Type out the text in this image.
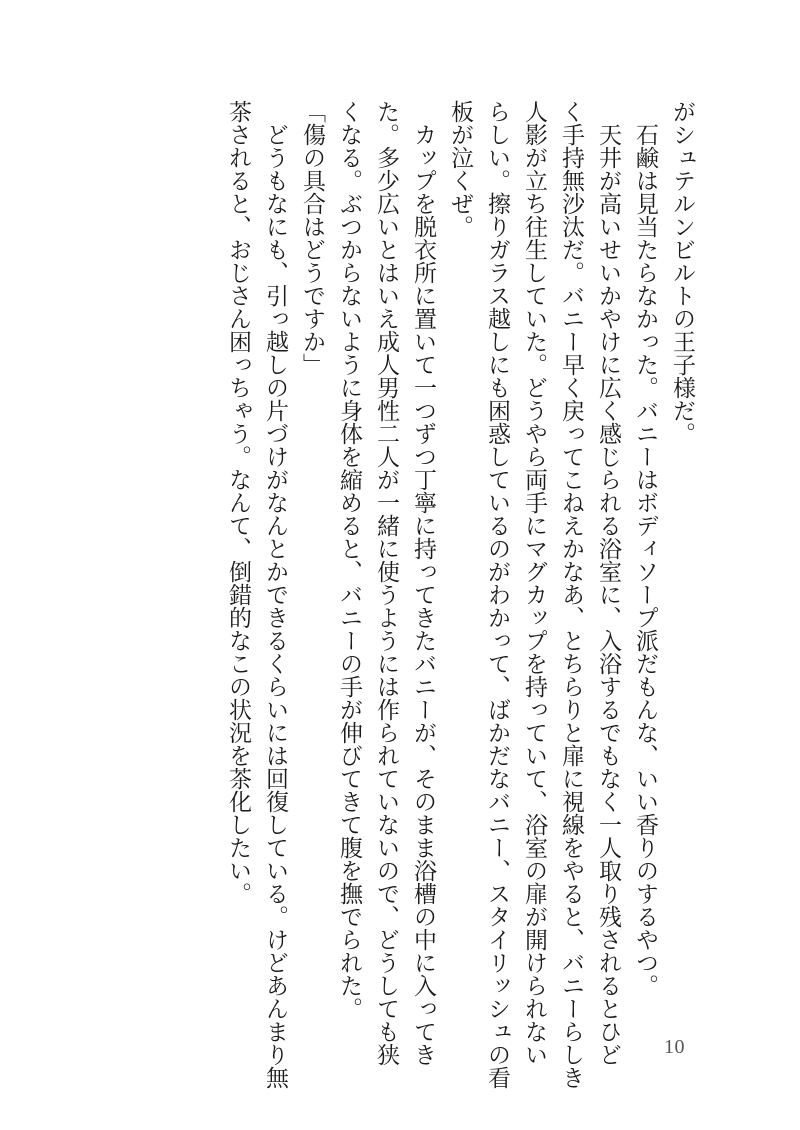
がシュテルンビルトの王子様だ。
　石鹸は見当たらなかった。バニーはボディソープ派だもんな、いい香りのするやつ。
　天井が高いせいかやけに広く感じられる浴室に、入浴するでもなく一人取り残されるとひど
く手持無沙汰だ。バニー早く戻ってこねえかなあ、とちらりと扉に視線をやると、バニーらしき
人影が立ち往生していた。どうやら両手にマグカップを持っていて、浴室の扉が開けられない
らしい。擦りガラス越しにも困惑しているのがわかって、ばかだなバニー、スタイリッシュの看
板が泣くぜ。
　カップを脱衣所に置いて一つずつ丁寧に持ってきたバニーが、そのまま浴槽の中に入ってき
た。多少広いとはいえ成人男性二人が一緒に使うようには作られていないので、どうしても狭
くなる。ぶつからないように身体を縮めると、バニーの手が伸びてきて腹を撫でられた。
「傷の具合はどうですか」
　どうもなにも、引っ越しの片づけがなんとかできるくらいには回復している。けどあんまり無
茶されると、おじさん困っちゃう。なんて、倒錯的なこの状況を茶化したい。
10
